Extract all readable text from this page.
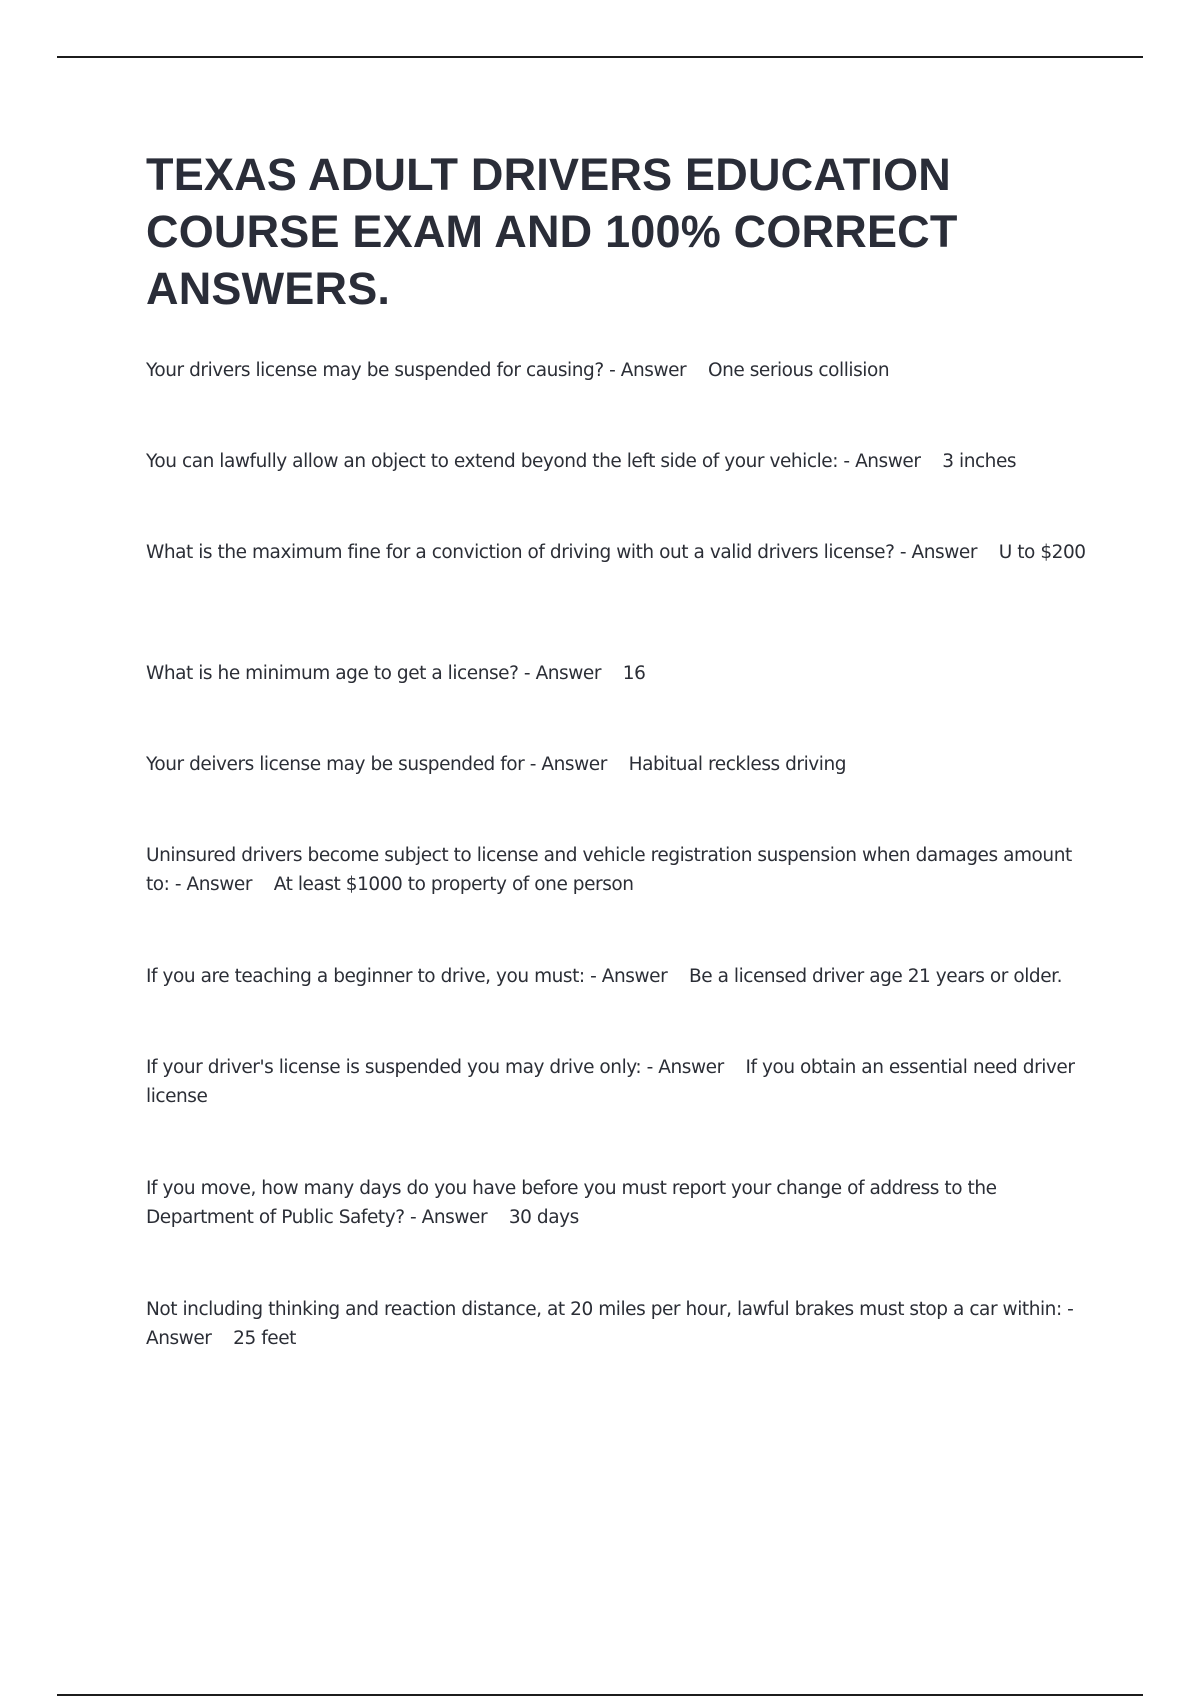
TEXAS ADULT DRIVERS EDUCATION COURSE EXAM AND 100% CORRECT ANSWERS.
Your drivers license may be suspended for causing? - Answer One serious collision
You can lawfully allow an object to extend beyond the left side of your vehicle: - Answer 3 inches
What is the maximum fine for a conviction of driving with out a valid drivers license? - Answer U to $200
What is he minimum age to get a license? - Answer 16
Your deivers license may be suspended for - Answer Habitual reckless driving
Uninsured drivers become subject to license and vehicle registration suspension when damages amount to: - Answer At least $1000 to property of one person
If you are teaching a beginner to drive, you must: - Answer Be a licensed driver age 21 years or older.
If your driver's license is suspended you may drive only: - Answer If you obtain an essential need driver license
If you move, how many days do you have before you must report your change of address to the Department of Public Safety? - Answer 30 days
Not including thinking and reaction distance, at 20 miles per hour, lawful brakes must stop a car within: - Answer 25 feet
